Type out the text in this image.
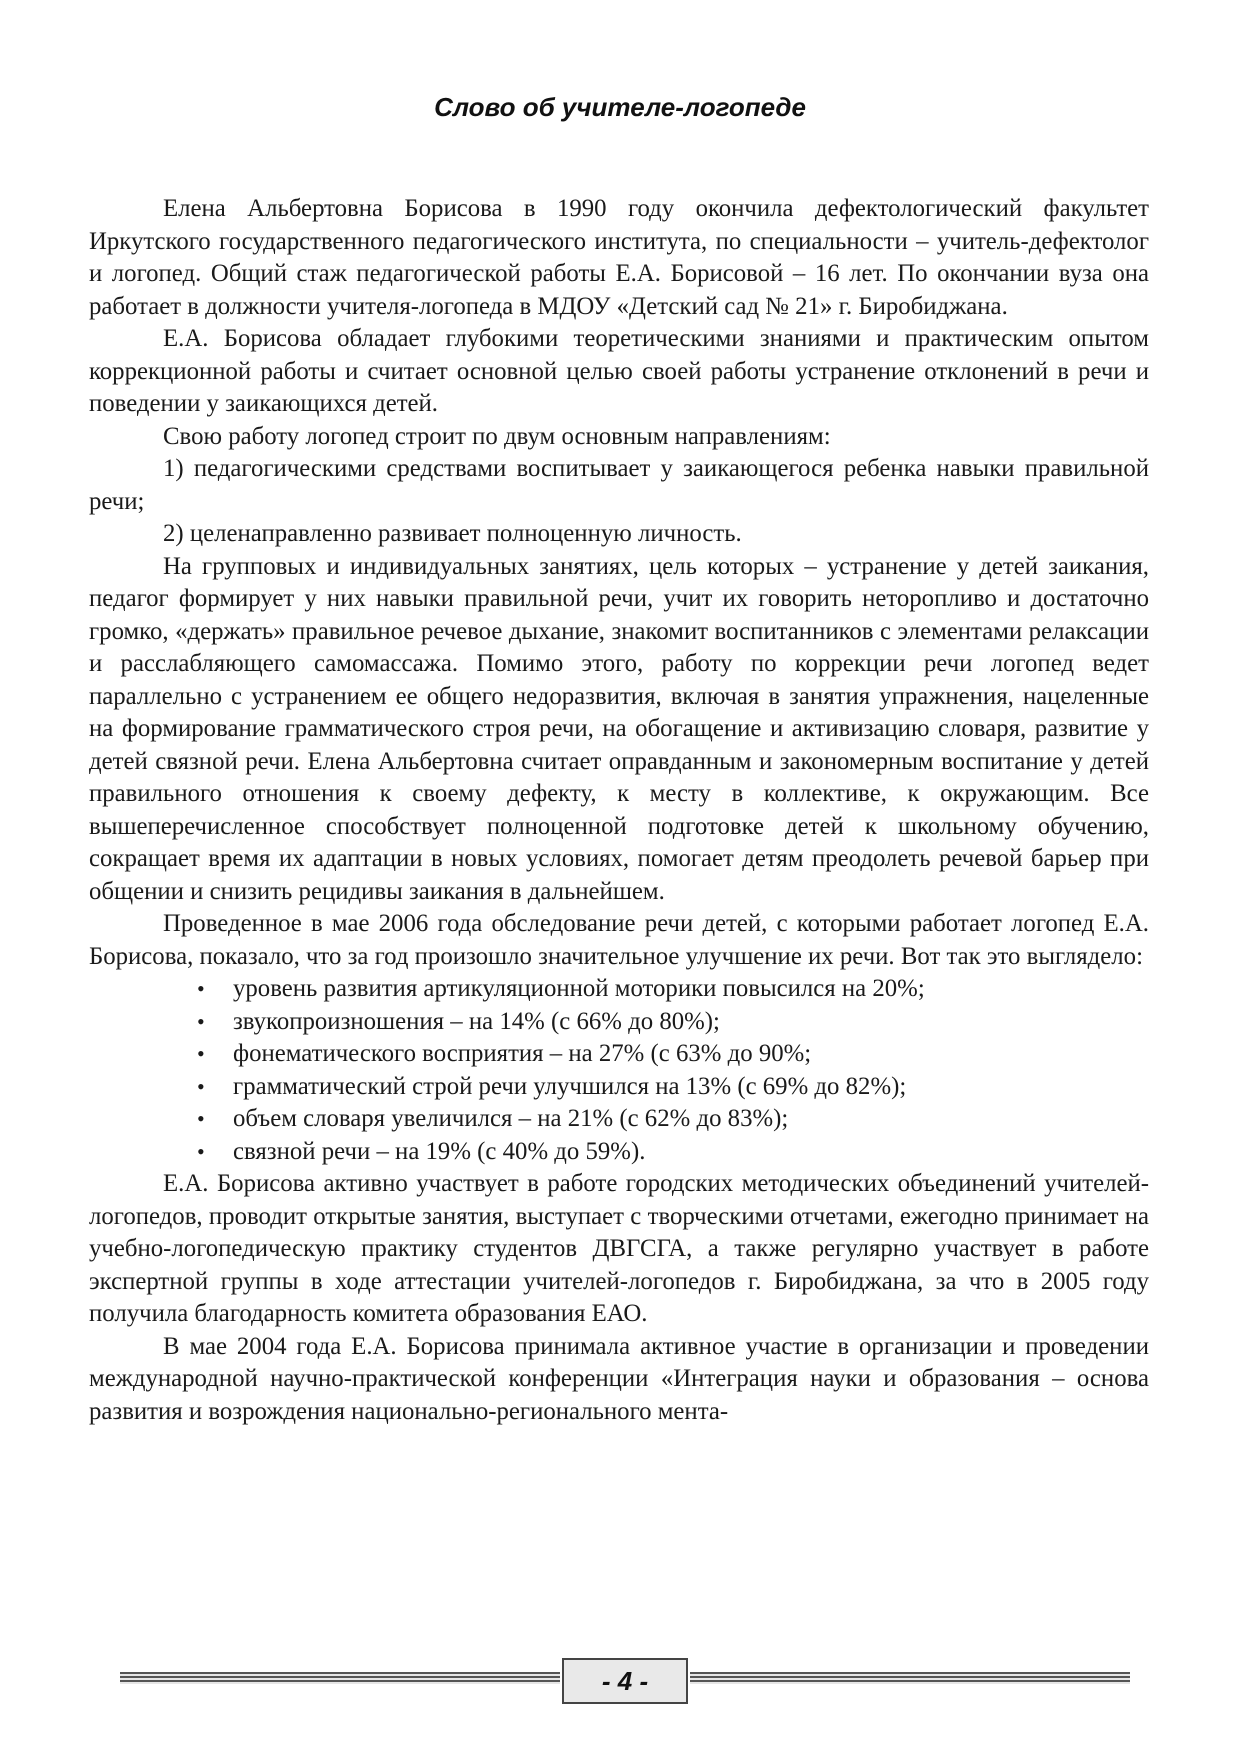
Слово об учителе-логопеде

Елена Альбертовна Борисова в 1990 году окончила дефектологический факультет Иркутского государственного педагогического института, по специальности – учитель-дефектолог и логопед. Общий стаж педагогической работы Е.А. Борисовой – 16 лет. По окончании вуза она работает в должности учителя-логопеда в МДОУ «Детский сад № 21» г. Биробиджана.

Е.А. Борисова обладает глубокими теоретическими знаниями и практическим опытом коррекционной работы и считает основной целью своей работы устранение отклонений в речи и поведении у заикающихся детей.

Свою работу логопед строит по двум основным направлениям:

1) педагогическими средствами воспитывает у заикающегося ребенка навыки правильной речи;

2) целенаправленно развивает полноценную личность.

На групповых и индивидуальных занятиях, цель которых – устранение у детей заикания, педагог формирует у них навыки правильной речи, учит их говорить неторопливо и достаточно громко, «держать» правильное речевое дыхание, знакомит воспитанников с элементами релаксации и расслабляющего самомассажа. Помимо этого, работу по коррекции речи логопед ведет параллельно с устранением ее общего недоразвития, включая в занятия упражнения, нацеленные на формирование грамматического строя речи, на обогащение и активизацию словаря, развитие у детей связной речи. Елена Альбертовна считает оправданным и закономерным воспитание у детей правильного отношения к своему дефекту, к месту в коллективе, к окружающим. Все вышеперечисленное способствует полноценной подготовке детей к школьному обучению, сокращает время их адаптации в новых условиях, помогает детям преодолеть речевой барьер при общении и снизить рецидивы заикания в дальнейшем.

Проведенное в мае 2006 года обследование речи детей, с которыми работает логопед Е.А. Борисова, показало, что за год произошло значительное улучшение их речи. Вот так это выглядело:

• уровень развития артикуляционной моторики повысился на 20%;
• звукопроизношения – на 14% (с 66% до 80%);
• фонематического восприятия – на 27% (с 63% до 90%;
• грамматический строй речи улучшился на 13% (с 69% до 82%);
• объем словаря увеличился – на 21% (с 62% до 83%);
• связной речи – на 19% (с 40% до 59%).

Е.А. Борисова активно участвует в работе городских методических объединений учителей-логопедов, проводит открытые занятия, выступает с творческими отчетами, ежегодно принимает на учебно-логопедическую практику студентов ДВГСГА, а также регулярно участвует в работе экспертной группы в ходе аттестации учителей-логопедов г. Биробиджана, за что в 2005 году получила благодарность комитета образования ЕАО.

В мае 2004 года Е.А. Борисова принимала активное участие в организации и проведении международной научно-практической конференции «Интеграция науки и образования – основа развития и возрождения национально-регионального мента-

- 4 -
